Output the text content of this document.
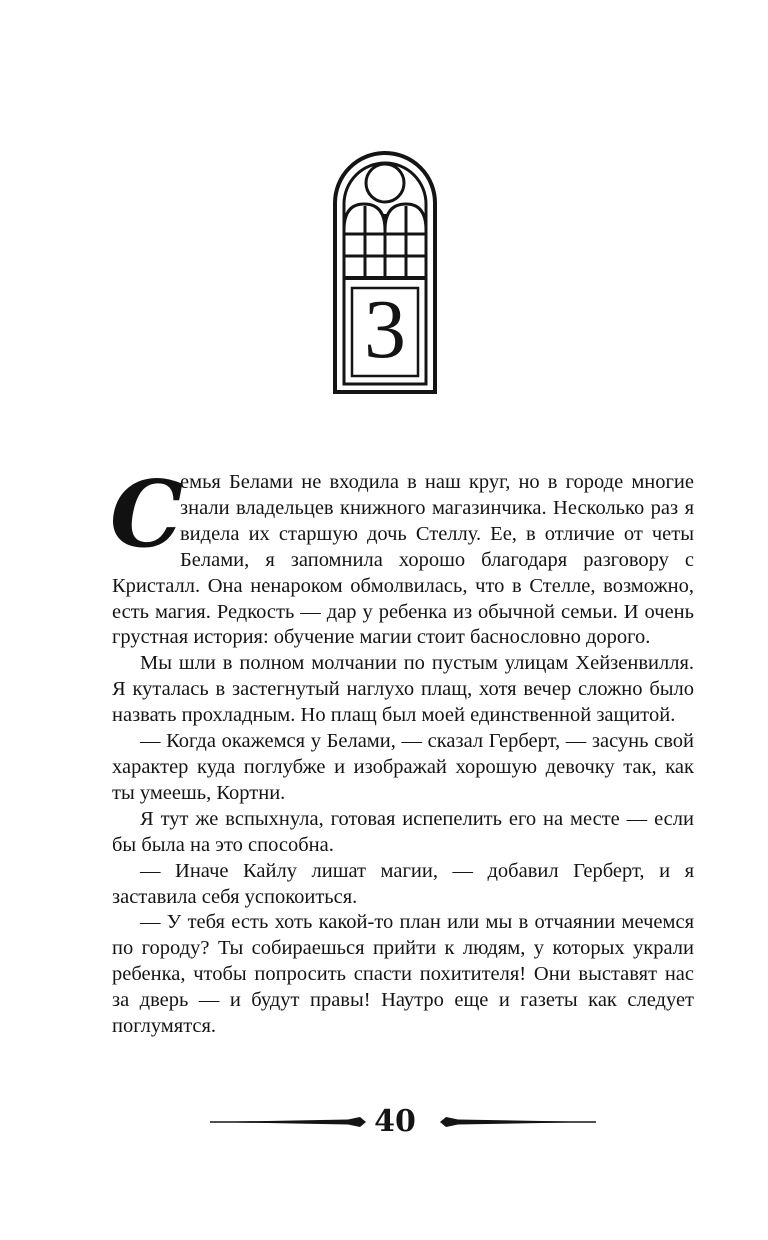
3

С
емья Белами не входила в наш круг, но в городе многие знали владельцев книжного магазинчика. Несколько раз я видела их старшую дочь Стеллу. Ее, в отличие от четы Белами, я запомнила хорошо благодаря разговору с Кристалл. Она ненароком обмолвилась, что в Стелле, возможно, есть магия. Редкость — дар у ребенка из обычной семьи. И очень грустная история: обучение магии стоит баснословно дорого.

Мы шли в полном молчании по пустым улицам Хейзенвилля. Я куталась в застегнутый наглухо плащ, хотя вечер сложно было назвать прохладным. Но плащ был моей единственной защитой.

— Когда окажемся у Белами, — сказал Герберт, — засунь свой характер куда поглубже и изображай хорошую девочку так, как ты умеешь, Кортни.

Я тут же вспыхнула, готовая испепелить его на месте — если бы была на это способна.

— Иначе Кайлу лишат магии, — добавил Герберт, и я заставила себя успокоиться.

— У тебя есть хоть какой-то план или мы в отчаянии мечемся по городу? Ты собираешься прийти к людям, у которых украли ребенка, чтобы попросить спасти похитителя! Они выставят нас за дверь — и будут правы! Наутро еще и газеты как следует поглумятся.

40
